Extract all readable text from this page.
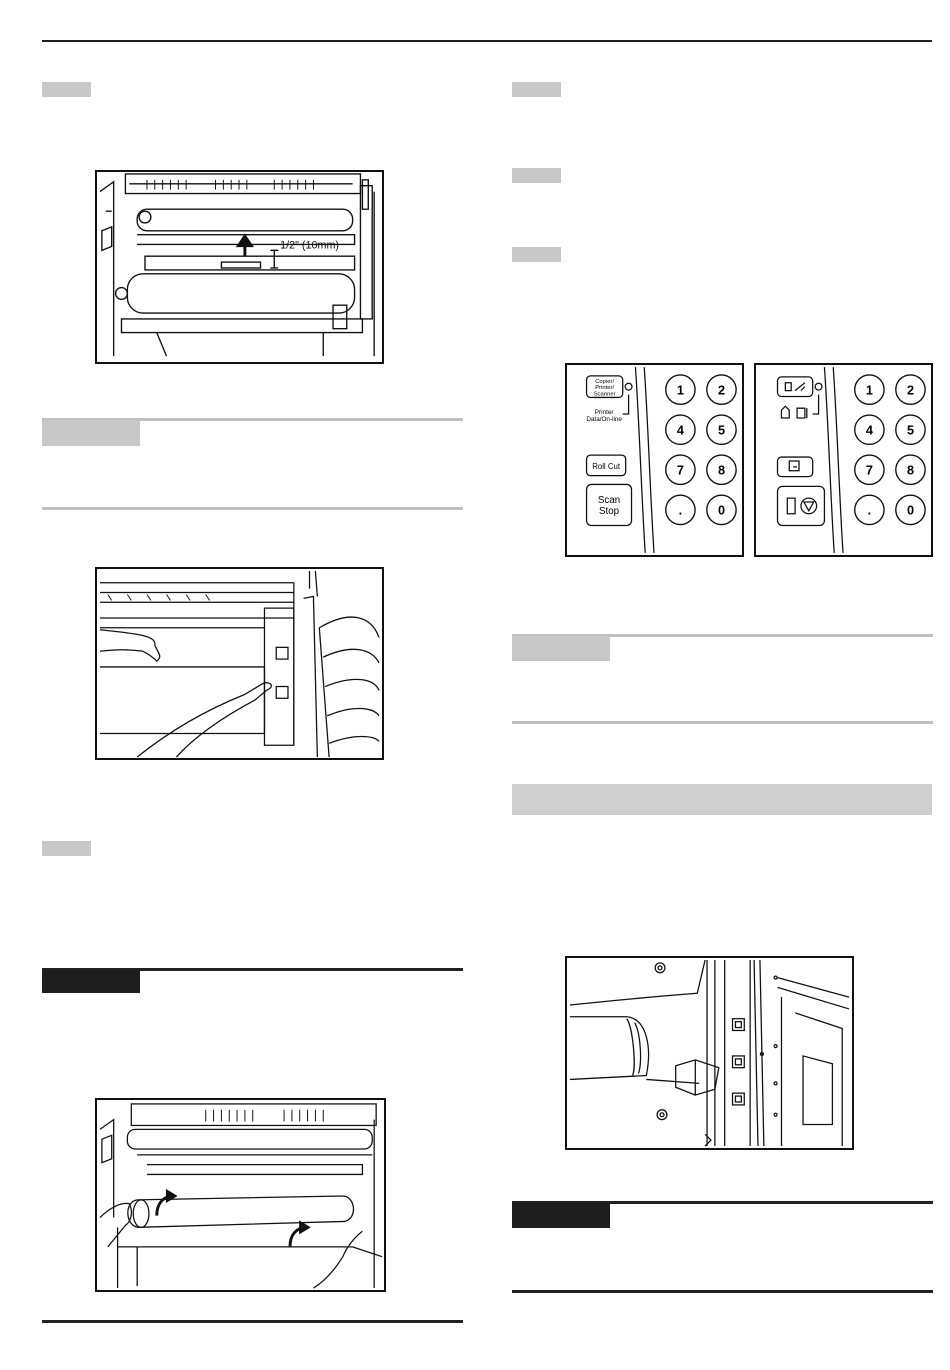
1/2" (10mm)
Copier/
Printer/
Scanner
Printer
Data/On-line
Roll Cut
Scan
Stop
1	2
4	5
7	8
.	0
1	2
4	5
7	8
.	0
